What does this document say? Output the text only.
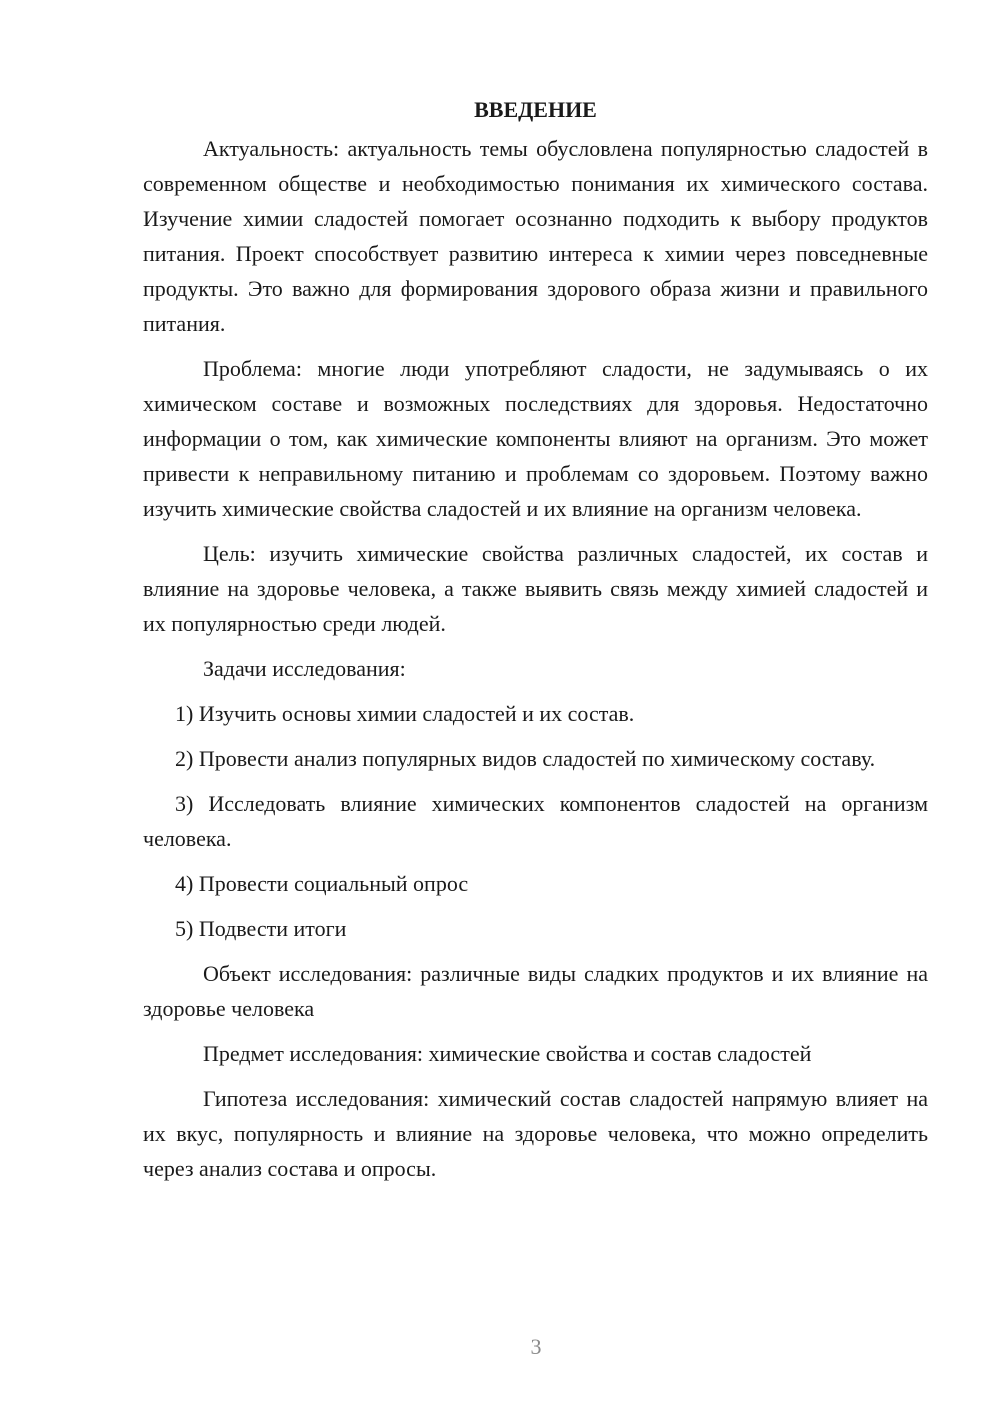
ВВЕДЕНИЕ

Актуальность: актуальность темы обусловлена популярностью сладостей в современном обществе и необходимостью понимания их химического состава. Изучение химии сладостей помогает осознанно подходить к выбору продуктов питания. Проект способствует развитию интереса к химии через повседневные продукты. Это важно для формирования здорового образа жизни и правильного питания.

Проблема: многие люди употребляют сладости, не задумываясь о их химическом составе и возможных последствиях для здоровья. Недостаточно информации о том, как химические компоненты влияют на организм. Это может привести к неправильному питанию и проблемам со здоровьем. Поэтому важно изучить химические свойства сладостей и их влияние на организм человека.

Цель: изучить химические свойства различных сладостей, их состав и влияние на здоровье человека, а также выявить связь между химией сладостей и их популярностью среди людей.

Задачи исследования:

1) Изучить основы химии сладостей и их состав.

2) Провести анализ популярных видов сладостей по химическому составу.

3) Исследовать влияние химических компонентов сладостей на организм человека.

4) Провести социальный опрос

5) Подвести итоги

Объект исследования: различные виды сладких продуктов и их влияние на здоровье человека

Предмет исследования: химические свойства и состав сладостей

Гипотеза исследования: химический состав сладостей напрямую влияет на их вкус, популярность и влияние на здоровье человека, что можно определить через анализ состава и опросы.

3
